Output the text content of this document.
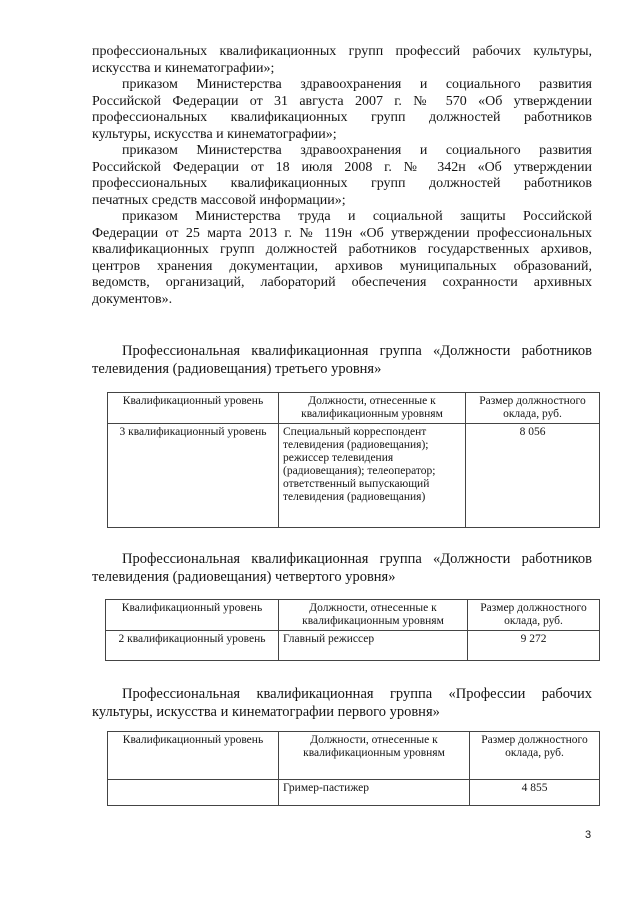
профессиональных квалификационных групп профессий рабочих культуры,
искусства и кинематографии»;
приказом Министерства здравоохранения и социального развития
Российской Федерации от 31 августа 2007 г. № 570 «Об утверждении
профессиональных квалификационных групп должностей работников
культуры, искусства и кинематографии»;
приказом Министерства здравоохранения и социального развития
Российской Федерации от 18 июля 2008 г. № 342н «Об утверждении
профессиональных квалификационных групп должностей работников
печатных средств массовой информации»;
приказом Министерства труда и социальной защиты Российской
Федерации от 25 марта 2013 г. № 119н «Об утверждении профессиональных
квалификационных групп должностей работников государственных архивов,
центров хранения документации, архивов муниципальных образований,
ведомств, организаций, лабораторий обеспечения сохранности архивных
документов».
Профессиональная квалификационная группа «Должности работников
телевидения (радиовещания) третьего уровня»
Квалификационный уровень	Должности, отнесенные к квалификационным уровням	Размер должностного оклада, руб.
3 квалификационный уровень	Специальный корреспондент телевидения (радиовещания); режиссер телевидения (радиовещания); телеоператор; ответственный выпускающий телевидения (радиовещания)	8 056
Профессиональная квалификационная группа «Должности работников
телевидения (радиовещания) четвертого уровня»
Квалификационный уровень	Должности, отнесенные к квалификационным уровням	Размер должностного оклада, руб.
2 квалификационный уровень	Главный режиссер	9 272
Профессиональная квалификационная группа «Профессии рабочих
культуры, искусства и кинематографии первого уровня»
Квалификационный уровень	Должности, отнесенные к квалификационным уровням	Размер должностного оклада, руб.
	Гример-пастижер	4 855
3
